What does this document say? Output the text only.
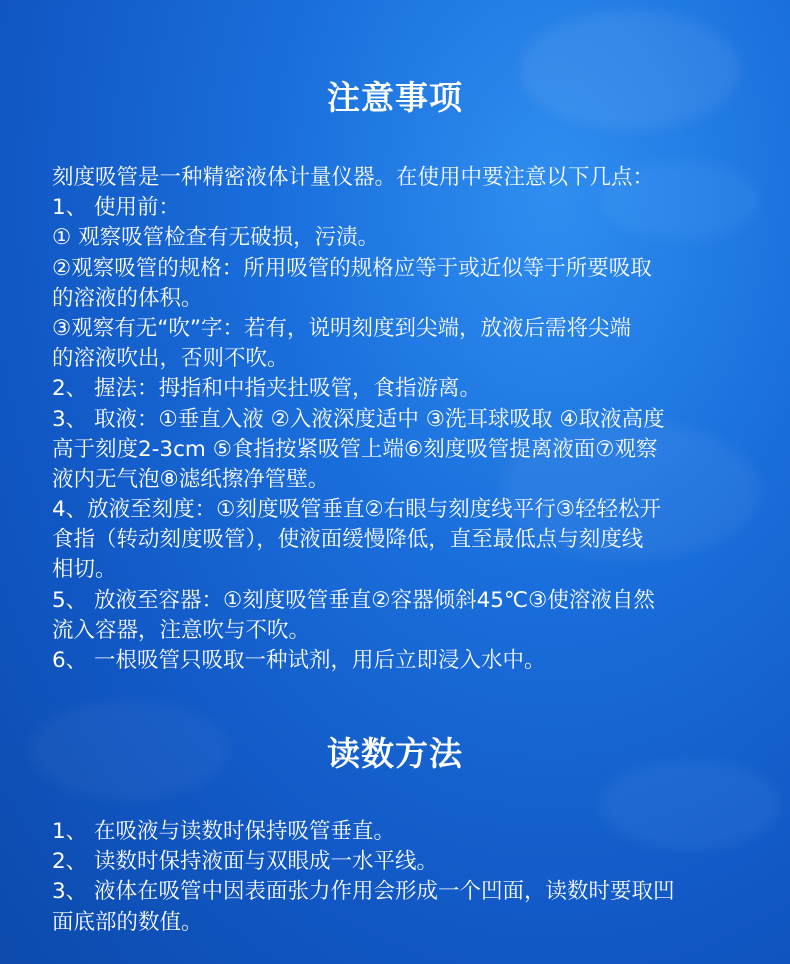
注意事项
刻度吸管是一种精密液体计量仪器。在使用中要注意以下几点：
1、 使用前：
① 观察吸管检查有无破损，污渍。
②观察吸管的规格：所用吸管的规格应等于或近似等于所要吸取
的溶液的体积。
③观察有无“吹”字：若有，说明刻度到尖端，放液后需将尖端
的溶液吹出，否则不吹。
2、 握法：拇指和中指夹扗吸管，食指游离。
3、 取液：①垂直入液 ②入液深度适中 ③洗耳球吸取 ④取液高度
高于刻度2-3cm ⑤食指按紧吸管上端⑥刻度吸管提离液面⑦观察
液内无气泡⑧滤纸擦净管壁。
4、放液至刻度：①刻度吸管垂直②右眼与刻度线平行③轻轻松开
食指（转动刻度吸管），使液面缓慢降低，直至最低点与刻度线
相切。
5、 放液至容器：①刻度吸管垂直②容器倾斜45℃③使溶液自然
流入容器，注意吹与不吹。
6、 一根吸管只吸取一种试剂，用后立即浸入水中。
读数方法
1、 在吸液与读数时保持吸管垂直。
2、 读数时保持液面与双眼成一水平线。
3、 液体在吸管中因表面张力作用会形成一个凹面，读数时要取凹
面底部的数值。
